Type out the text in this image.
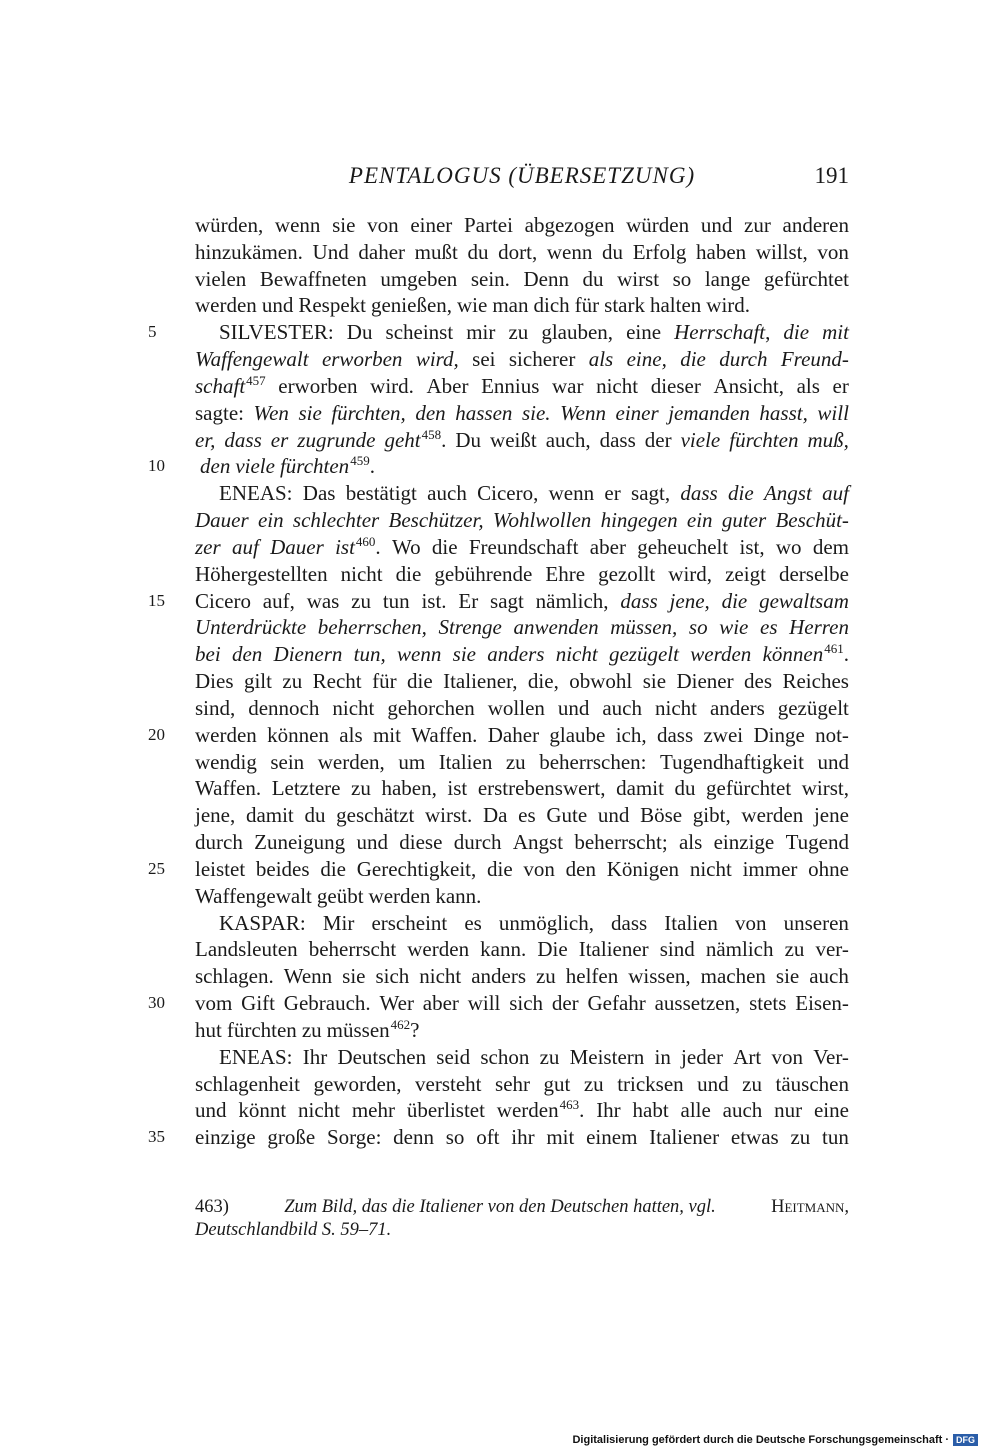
PENTALOGUS (ÜBERSETZUNG)	191
würden, wenn sie von einer Partei abgezogen würden und zur anderen
hinzukämen. Und daher mußt du dort, wenn du Erfolg haben willst, von
vielen Bewaffneten umgeben sein. Denn du wirst so lange gefürchtet
werden und Respekt genießen, wie man dich für stark halten wird.
5	SILVESTER: Du scheinst mir zu glauben, eine Herrschaft, die mit
Waffengewalt erworben wird, sei sicherer als eine, die durch Freund-
schaft$^{457}$ erworben wird. Aber Ennius war nicht dieser Ansicht, als er
sagte: Wen sie fürchten, den hassen sie. Wenn einer jemanden hasst, will
er, dass er zugrunde geht$^{458}$. Du weißt auch, dass der viele fürchten muß,
10	den viele fürchten$^{459}$.
ENEAS: Das bestätigt auch Cicero, wenn er sagt, dass die Angst auf
Dauer ein schlechter Beschützer, Wohlwollen hingegen ein guter Beschüt-
zer auf Dauer ist$^{460}$. Wo die Freundschaft aber geheuchelt ist, wo dem
Höhergestellten nicht die gebührende Ehre gezollt wird, zeigt derselbe
15	Cicero auf, was zu tun ist. Er sagt nämlich, dass jene, die gewaltsam
Unterdrückte beherrschen, Strenge anwenden müssen, so wie es Herren
bei den Dienern tun, wenn sie anders nicht gezügelt werden können$^{461}$.
Dies gilt zu Recht für die Italiener, die, obwohl sie Diener des Reiches
sind, dennoch nicht gehorchen wollen und auch nicht anders gezügelt
20	werden können als mit Waffen. Daher glaube ich, dass zwei Dinge not-
wendig sein werden, um Italien zu beherrschen: Tugendhaftigkeit und
Waffen. Letztere zu haben, ist erstrebenswert, damit du gefürchtet wirst,
jene, damit du geschätzt wirst. Da es Gute und Böse gibt, werden jene
durch Zuneigung und diese durch Angst beherrscht; als einzige Tugend
25	leistet beides die Gerechtigkeit, die von den Königen nicht immer ohne
Waffengewalt geübt werden kann.
KASPAR: Mir erscheint es unmöglich, dass Italien von unseren
Landsleuten beherrscht werden kann. Die Italiener sind nämlich zu ver-
schlagen. Wenn sie sich nicht anders zu helfen wissen, machen sie auch
30	vom Gift Gebrauch. Wer aber will sich der Gefahr aussetzen, stets Eisen-
hut fürchten zu müssen$^{462}$?
ENEAS: Ihr Deutschen seid schon zu Meistern in jeder Art von Ver-
schlagenheit geworden, versteht sehr gut zu tricksen und zu täuschen
und könnt nicht mehr überlistet werden$^{463}$. Ihr habt alle auch nur eine
35	einzige große Sorge: denn so oft ihr mit einem Italiener etwas zu tun
463)	Zum Bild, das die Italiener von den Deutschen hatten, vgl.	Heitmann,
Deutschlandbild S. 59–71.
Digitalisierung gefördert durch die Deutsche Forschungsgemeinschaft · DFG
